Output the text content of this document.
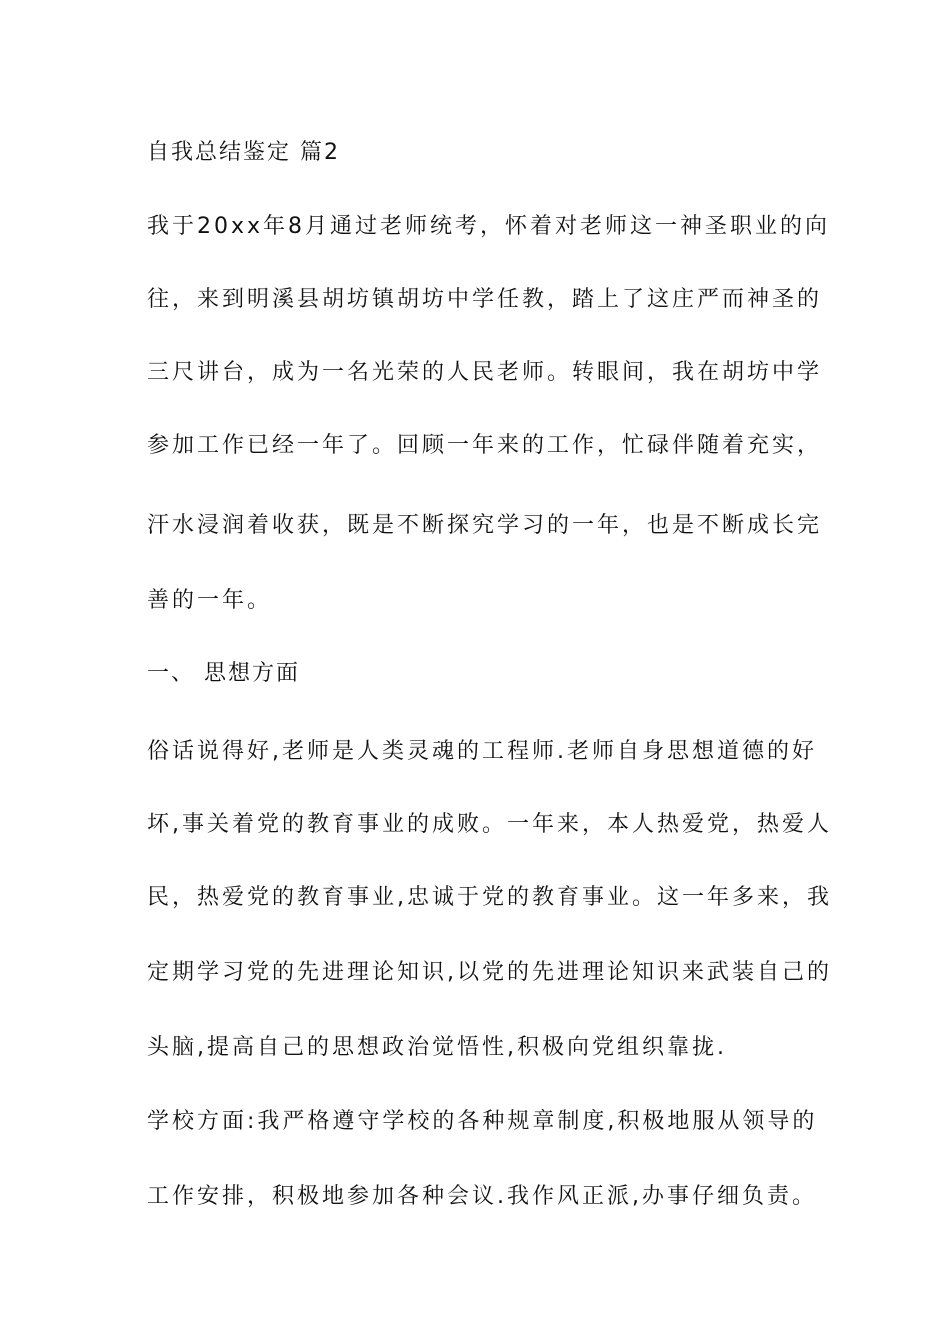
自我总结鉴定 篇2
我于20xx年8月通过老师统考，怀着对老师这一神圣职业的向
往，来到明溪县胡坊镇胡坊中学任教，踏上了这庄严而神圣的
三尺讲台，成为一名光荣的人民老师。转眼间，我在胡坊中学
参加工作已经一年了。回顾一年来的工作，忙碌伴随着充实，
汗水浸润着收获，既是不断探究学习的一年，也是不断成长完
善的一年。
一、 思想方面
俗话说得好,老师是人类灵魂的工程师.老师自身思想道德的好
坏,事关着党的教育事业的成败。一年来，本人热爱党，热爱人
民，热爱党的教育事业,忠诚于党的教育事业。这一年多来，我
定期学习党的先进理论知识,以党的先进理论知识来武装自己的
头脑,提高自己的思想政治觉悟性,积极向党组织靠拢.
学校方面:我严格遵守学校的各种规章制度,积极地服从领导的
工作安排，积极地参加各种会议.我作风正派,办事仔细负责。
